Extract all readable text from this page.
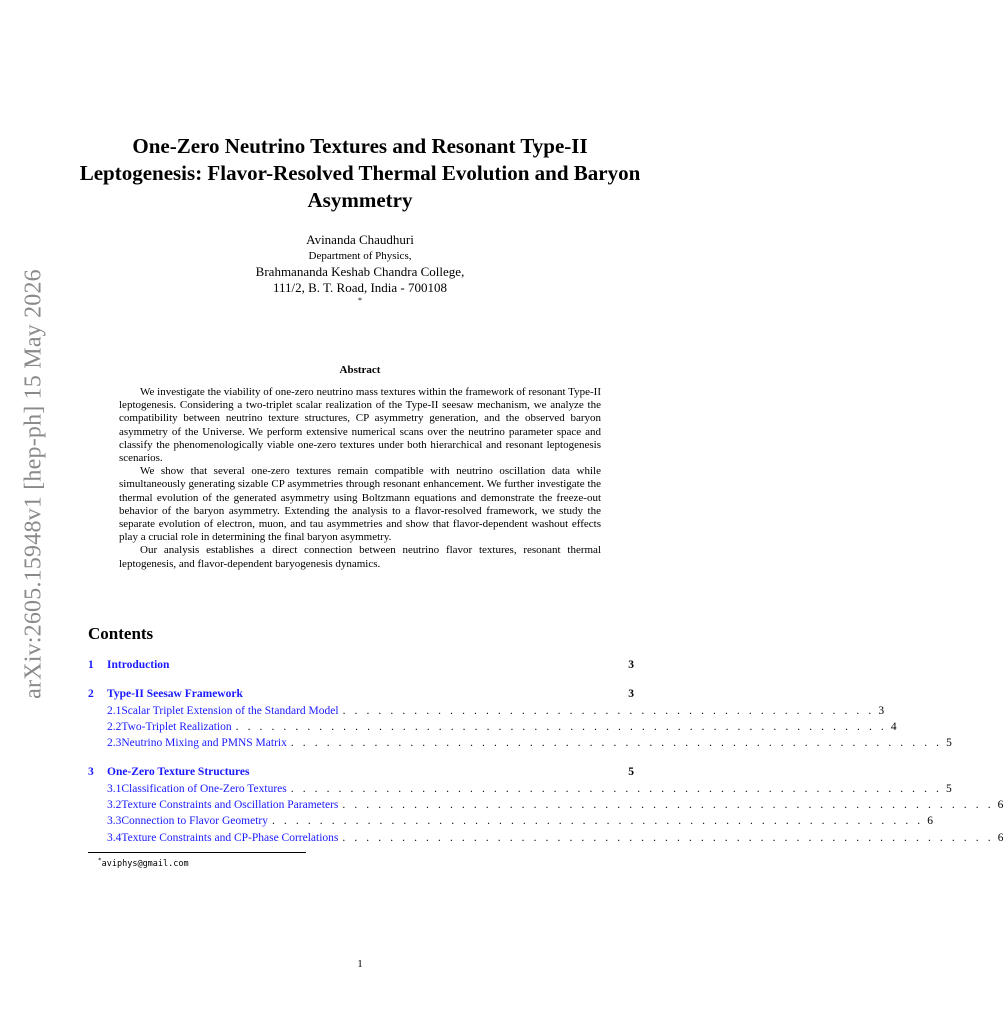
arXiv:2605.15948v1 [hep-ph] 15 May 2026
One-Zero Neutrino Textures and Resonant Type-II Leptogenesis: Flavor-Resolved Thermal Evolution and Baryon Asymmetry
Avinanda Chaudhuri
Department of Physics,
Brahmananda Keshab Chandra College,
111/2, B. T. Road, India - 700108
*
Abstract

We investigate the viability of one-zero neutrino mass textures within the framework of resonant Type-II leptogenesis. Considering a two-triplet scalar realization of the Type-II seesaw mechanism, we analyze the compatibility between neutrino texture structures, CP asymmetry generation, and the observed baryon asymmetry of the Universe. We perform extensive numerical scans over the neutrino parameter space and classify the phenomenologically viable one-zero textures under both hierarchical and resonant leptogenesis scenarios.

We show that several one-zero textures remain compatible with neutrino oscillation data while simultaneously generating sizable CP asymmetries through resonant enhancement. We further investigate the thermal evolution of the generated asymmetry using Boltzmann equations and demonstrate the freeze-out behavior of the baryon asymmetry. Extending the analysis to a flavor-resolved framework, we study the separate evolution of electron, muon, and tau asymmetries and show that flavor-dependent washout effects play a crucial role in determining the final baryon asymmetry.

Our analysis establishes a direct connection between neutrino flavor textures, resonant thermal leptogenesis, and flavor-dependent baryogenesis dynamics.

Contents
1	Introduction	3
2	Type-II Seesaw Framework	3
2.1 Scalar Triplet Extension of the Standard Model . . . . . . . . . . . . . . . . . . . . . . . . . . . . . . . . . . . . . . . . . . . . . 3
2.2 Two-Triplet Realization . . . . . . . . . . . . . . . . . . . . . . . . . . . . . . . . . . . . . . . . . . . . . . . . . . . . . . . 4
2.3 Neutrino Mixing and PMNS Matrix . . . . . . . . . . . . . . . . . . . . . . . . . . . . . . . . . . . . . . . . . . . . . . . . . . . . . . . 5
3	One-Zero Texture Structures	5
3.1 Classification of One-Zero Textures . . . . . . . . . . . . . . . . . . . . . . . . . . . . . . . . . . . . . . . . . . . . . . . . . . . . . . . 5
3.2 Texture Constraints and Oscillation Parameters . . . . . . . . . . . . . . . . . . . . . . . . . . . . . . . . . . . . . . . . . . . . . . . . . . . . . . . 6
3.3 Connection to Flavor Geometry . . . . . . . . . . . . . . . . . . . . . . . . . . . . . . . . . . . . . . . . . . . . . . . . . . . . . . . 6
3.4 Texture Constraints and CP-Phase Correlations . . . . . . . . . . . . . . . . . . . . . . . . . . . . . . . . . . . . . . . . . . . . . . . . . . . . . . . 6
*aviphys@gmail.com
1
